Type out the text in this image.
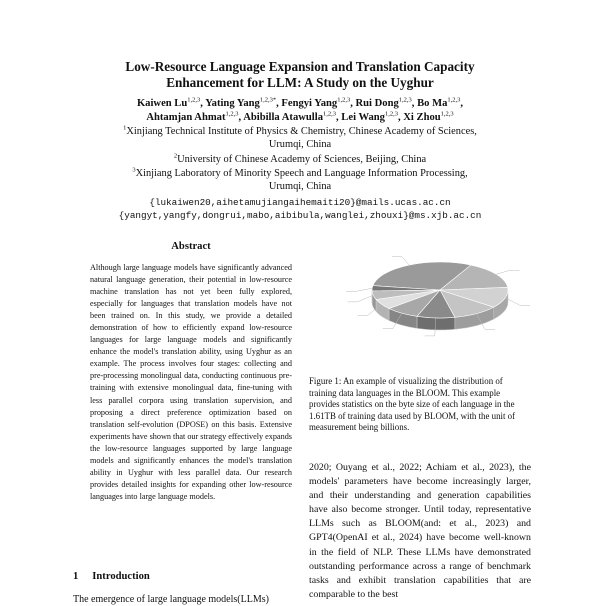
Low-Resource Language Expansion and Translation Capacity
Enhancement for LLM: A Study on the Uyghur
Kaiwen Lu$^{1,2,3}$, Yating Yang$^{1,2,3*}$, Fengyi Yang$^{1,2,3}$, Rui Dong$^{1,2,3}$, Bo Ma$^{1,2,3}$,
Ahtamjan Ahmat$^{1,2,3}$, Abibilla Atawulla$^{1,2,3}$, Lei Wang$^{1,2,3}$, Xi Zhou$^{1,2,3}$
$^1$Xinjiang Technical Institute of Physics & Chemistry, Chinese Academy of Sciences,
Urumqi, China
$^2$University of Chinese Academy of Sciences, Beijing, China
$^3$Xinjiang Laboratory of Minority Speech and Language Information Processing,
Urumqi, China
{lukaiwen20,aihetamujiangaihemaiti20}@mails.ucas.ac.cn
{yangyt,yangfy,dongrui,mabo,aibibula,wanglei,zhouxi}@ms.xjb.ac.cn
Abstract

Although large language models have significantly advanced natural language generation, their potential in low-resource machine translation has not yet been fully explored, especially for languages that translation models have not been trained on. In this study, we provide a detailed demonstration of how to efficiently expand low-resource languages for large language models and significantly enhance the model's translation ability, using Uyghur as an example. The process involves four stages: collecting and pre-processing monolingual data, conducting continuous pre-training with extensive monolingual data, fine-tuning with less parallel corpora using translation supervision, and proposing a direct preference optimization based on translation self-evolution (DPOSE) on this basis. Extensive experiments have shown that our strategy effectively expands the low-resource languages supported by large language models and significantly enhances the model's translation ability in Uyghur with less parallel data. Our research provides detailed insights for expanding other low-resource languages into large language models.

1 Introduction
The emergence of large language models(LLMs)

Figure 1: An example of visualizing the distribution of training data languages in the BLOOM. This example provides statistics on the byte size of each language in the 1.61TB of training data used by BLOOM, with the unit of measurement being billions.

2020; Ouyang et al., 2022; Achiam et al., 2023), the models' parameters have become increasingly larger, and their understanding and generation capabilities have also become stronger. Until today, representative LLMs such as BLOOM(and: et al., 2023) and GPT4(OpenAI et al., 2024) have become well-known in the field of NLP. These LLMs have demonstrated outstanding performance across a range of benchmark tasks and exhibit translation capabilities that are comparable to the best
